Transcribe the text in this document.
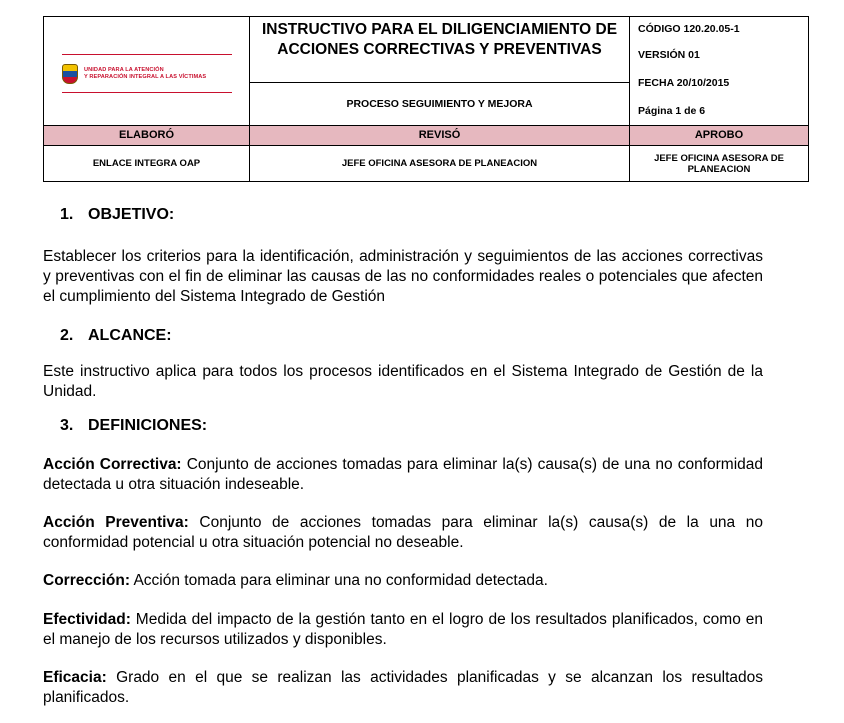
UNIDAD PARA LA ATENCIÓN
Y REPARACIÓN INTEGRAL A LAS VÍCTIMAS
INSTRUCTIVO PARA EL DILIGENCIAMIENTO DE ACCIONES CORRECTIVAS Y PREVENTIVAS
PROCESO SEGUIMIENTO Y MEJORA
CÓDIGO 120.20.05-1
VERSIÓN 01
FECHA 20/10/2015
Página 1 de 6
ELABORÓ	REVISÓ	APROBO
ENLACE INTEGRA OAP	JEFE OFICINA ASESORA DE PLANEACION	JEFE OFICINA ASESORA DE PLANEACION
1. OBJETIVO:
Establecer los criterios para la identificación, administración y seguimientos de las acciones correctivas y preventivas con el fin de eliminar las causas de las no conformidades reales o potenciales que afecten el cumplimiento del Sistema Integrado de Gestión
2. ALCANCE:
Este instructivo aplica para todos los procesos identificados en el Sistema Integrado de Gestión de la Unidad.
3. DEFINICIONES:
Acción Correctiva: Conjunto de acciones tomadas para eliminar la(s) causa(s) de una no conformidad detectada u otra situación indeseable.
Acción Preventiva: Conjunto de acciones tomadas para eliminar la(s) causa(s) de la una no conformidad potencial u otra situación potencial no deseable.
Corrección: Acción tomada para eliminar una no conformidad detectada.
Efectividad: Medida del impacto de la gestión tanto en el logro de los resultados planificados, como en el manejo de los recursos utilizados y disponibles.
Eficacia: Grado en el que se realizan las actividades planificadas y se alcanzan los resultados planificados.
